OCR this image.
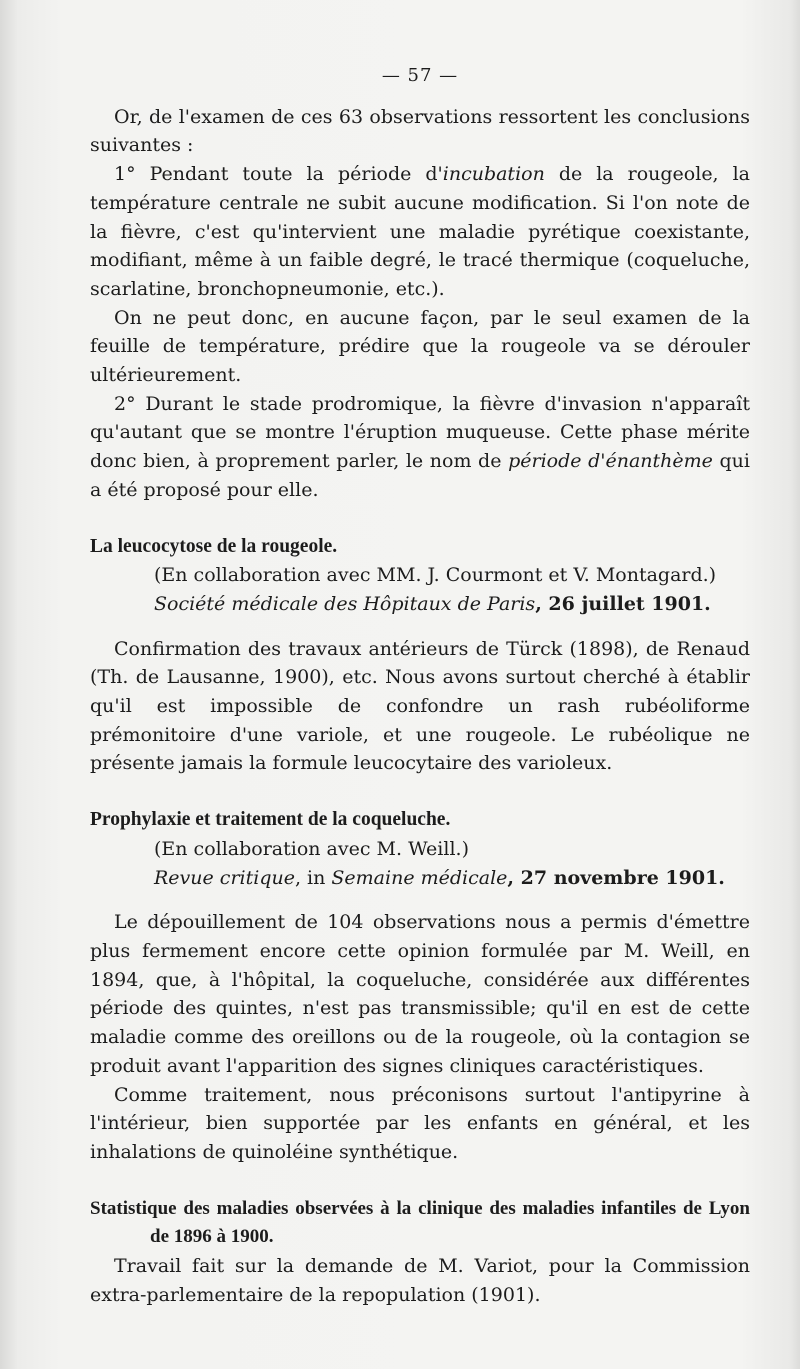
— 57 —

Or, de l'examen de ces 63 observations ressortent les conclusions suivantes :

1° Pendant toute la période d'incubation de la rougeole, la température centrale ne subit aucune modification. Si l'on note de la fièvre, c'est qu'intervient une maladie pyrétique coexistante, modifiant, même à un faible degré, le tracé thermique (coqueluche, scarlatine, bronchopneumonie, etc.).

On ne peut donc, en aucune façon, par le seul examen de la feuille de température, prédire que la rougeole va se dérouler ultérieurement.

2° Durant le stade prodromique, la fièvre d'invasion n'apparaît qu'autant que se montre l'éruption muqueuse. Cette phase mérite donc bien, à proprement parler, le nom de période d'énanthème qui a été proposé pour elle.

La leucocytose de la rougeole.

(En collaboration avec MM. J. Courmont et V. Montagard.)

Société médicale des Hôpitaux de Paris, 26 juillet 1901.

Confirmation des travaux antérieurs de Türck (1898), de Renaud (Th. de Lausanne, 1900), etc. Nous avons surtout cherché à établir qu'il est impossible de confondre un rash rubéoliforme prémonitoire d'une variole, et une rougeole. Le rubéolique ne présente jamais la formule leucocytaire des varioleux.

Prophylaxie et traitement de la coqueluche.

(En collaboration avec M. Weill.)

Revue critique, in Semaine médicale, 27 novembre 1901.

Le dépouillement de 104 observations nous a permis d'émettre plus fermement encore cette opinion formulée par M. Weill, en 1894, que, à l'hôpital, la coqueluche, considérée aux différentes période des quintes, n'est pas transmissible; qu'il en est de cette maladie comme des oreillons ou de la rougeole, où la contagion se produit avant l'apparition des signes cliniques caractéristiques.

Comme traitement, nous préconisons surtout l'antipyrine à l'intérieur, bien supportée par les enfants en général, et les inhalations de quinoléine synthétique.

Statistique des maladies observées à la clinique des maladies infantiles de Lyon de 1896 à 1900.

Travail fait sur la demande de M. Variot, pour la Commission extra-parlementaire de la repopulation (1901).
